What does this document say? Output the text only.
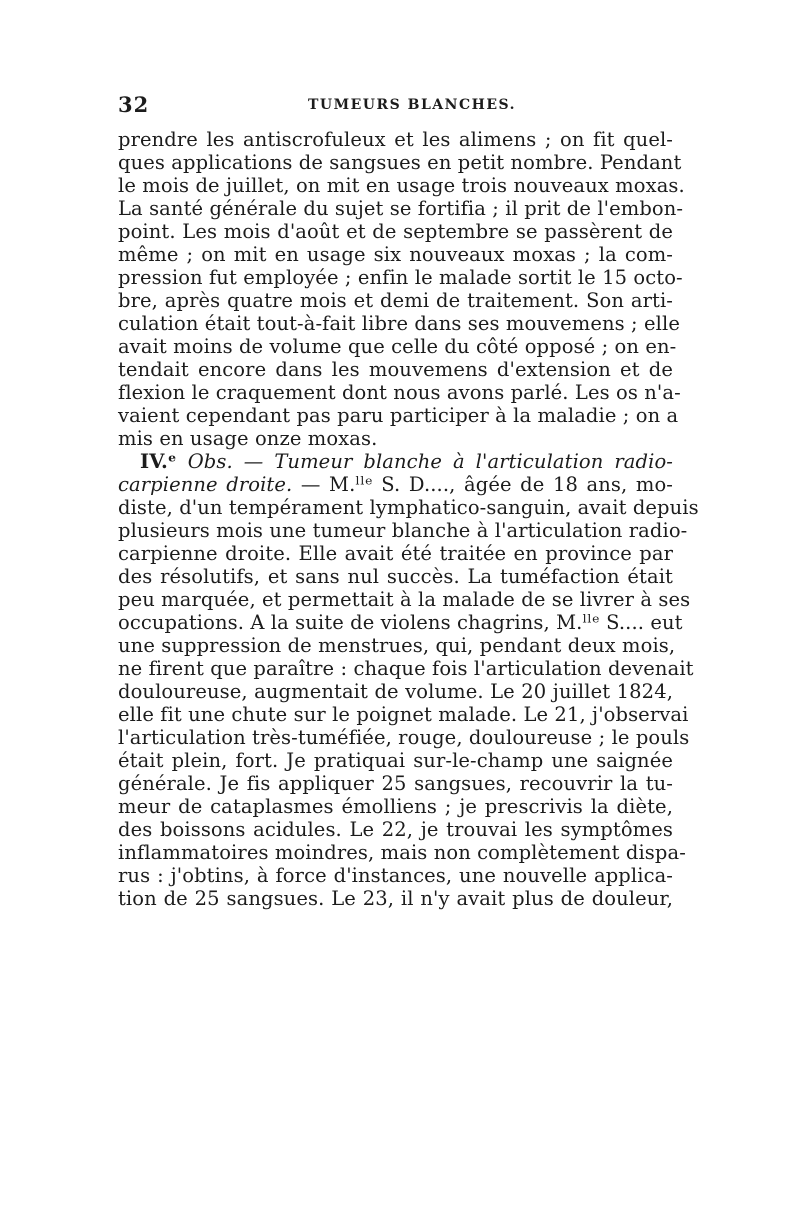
32	TUMEURS BLANCHES.
prendre les antiscrofuleux et les alimens ; on fit quel-
ques applications de sangsues en petit nombre. Pendant
le mois de juillet, on mit en usage trois nouveaux moxas.
La santé générale du sujet se fortifia ; il prit de l'embon-
point. Les mois d'août et de septembre se passèrent de
même ; on mit en usage six nouveaux moxas ; la com-
pression fut employée ; enfin le malade sortit le 15 octo-
bre, après quatre mois et demi de traitement. Son arti-
culation était tout-à-fait libre dans ses mouvemens ; elle
avait moins de volume que celle du côté opposé ; on en-
tendait encore dans les mouvemens d'extension et de
flexion le craquement dont nous avons parlé. Les os n'a-
vaient cependant pas paru participer à la maladie ; on a
mis en usage onze moxas.
IV.ᵉ Obs. — Tumeur blanche à l'articulation radio-
carpienne droite. — M.ˡˡᵉ S. D...., âgée de 18 ans, mo-
diste, d'un tempérament lymphatico-sanguin, avait depuis
plusieurs mois une tumeur blanche à l'articulation radio-
carpienne droite. Elle avait été traitée en province par
des résolutifs, et sans nul succès. La tuméfaction était
peu marquée, et permettait à la malade de se livrer à ses
occupations. A la suite de violens chagrins, M.ˡˡᵉ S.... eut
une suppression de menstrues, qui, pendant deux mois,
ne firent que paraître : chaque fois l'articulation devenait
douloureuse, augmentait de volume. Le 20 juillet 1824,
elle fit une chute sur le poignet malade. Le 21, j'observai
l'articulation très-tuméfiée, rouge, douloureuse ; le pouls
était plein, fort. Je pratiquai sur-le-champ une saignée
générale. Je fis appliquer 25 sangsues, recouvrir la tu-
meur de cataplasmes émolliens ; je prescrivis la diète,
des boissons acidules. Le 22, je trouvai les symptômes
inflammatoires moindres, mais non complètement dispa-
rus : j'obtins, à force d'instances, une nouvelle applica-
tion de 25 sangsues. Le 23, il n'y avait plus de douleur,
